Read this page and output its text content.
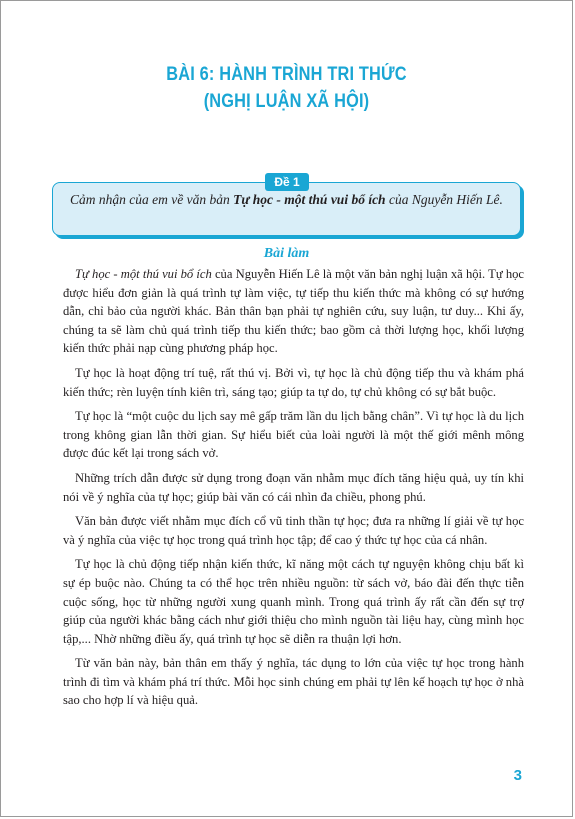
BÀI 6: HÀNH TRÌNH TRI THỨC
(NGHỊ LUẬN XÃ HỘI)
Đề 1
Cảm nhận của em về văn bản Tự học - một thú vui bổ ích của Nguyễn Hiến Lê.
Bài làm

Tự học - một thú vui bổ ích của Nguyễn Hiến Lê là một văn bản nghị luận xã hội. Tự học được hiểu đơn giản là quá trình tự làm việc, tự tiếp thu kiến thức mà không có sự hướng dẫn, chỉ bảo của người khác. Bản thân bạn phải tự nghiên cứu, suy luận, tư duy... Khi ấy, chúng ta sẽ làm chủ quá trình tiếp thu kiến thức; bao gồm cả thời lượng học, khối lượng kiến thức phải nạp cùng phương pháp học.

Tự học là hoạt động trí tuệ, rất thú vị. Bởi vì, tự học là chủ động tiếp thu và khám phá kiến thức; rèn luyện tính kiên trì, sáng tạo; giúp ta tự do, tự chủ không có sự bắt buộc.

Tự học là “một cuộc du lịch say mê gấp trăm lần du lịch bằng chân”. Vì tự học là du lịch trong không gian lẫn thời gian. Sự hiểu biết của loài người là một thế giới mênh mông được đúc kết lại trong sách vở.

Những trích dẫn được sử dụng trong đoạn văn nhằm mục đích tăng hiệu quả, uy tín khi nói về ý nghĩa của tự học; giúp bài văn có cái nhìn đa chiều, phong phú.

Văn bản được viết nhằm mục đích cổ vũ tinh thần tự học; đưa ra những lí giải về tự học và ý nghĩa của việc tự học trong quá trình học tập; để cao ý thức tự học của cá nhân.

Tự học là chủ động tiếp nhận kiến thức, kĩ năng một cách tự nguyện không chịu bất kì sự ép buộc nào. Chúng ta có thể học trên nhiều nguồn: từ sách vở, báo đài đến thực tiễn cuộc sống, học từ những người xung quanh mình. Trong quá trình ấy rất cần đến sự trợ giúp của người khác bằng cách như giới thiệu cho mình nguồn tài liệu hay, cùng mình học tập,... Nhờ những điều ấy, quá trình tự học sẽ diễn ra thuận lợi hơn.

Từ văn bản này, bản thân em thấy ý nghĩa, tác dụng to lớn của việc tự học trong hành trình đi tìm và khám phá trí thức. Mỗi học sinh chúng em phải tự lên kế hoạch tự học ở nhà sao cho hợp lí và hiệu quả.

3
